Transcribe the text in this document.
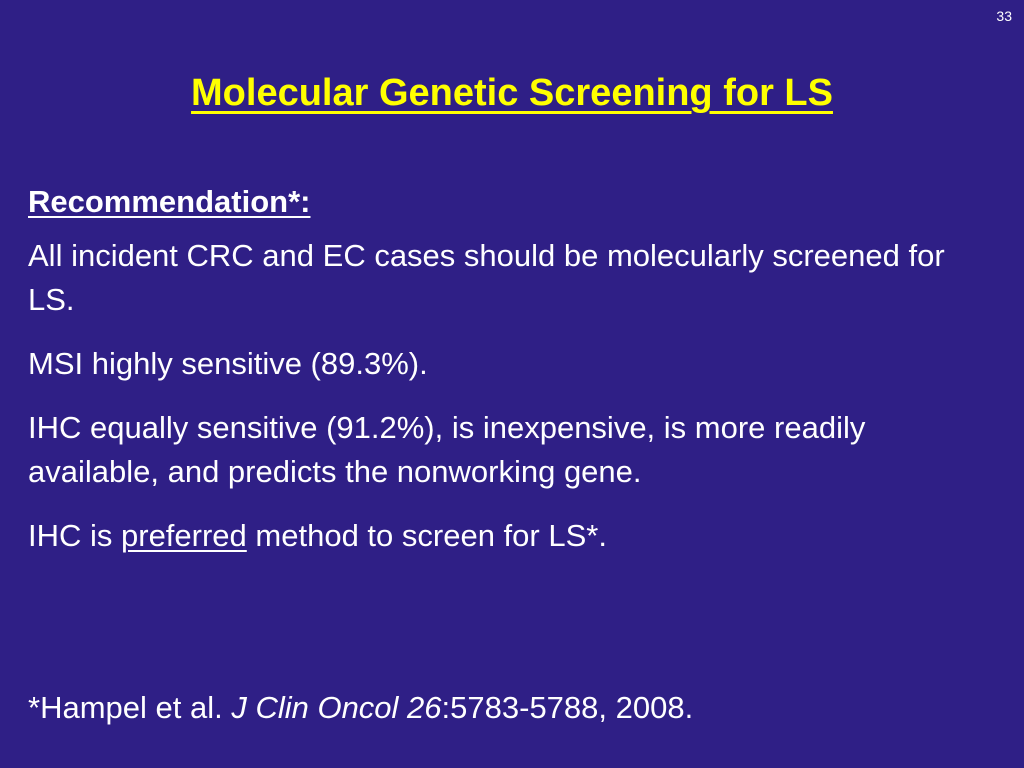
33
Molecular Genetic Screening for LS
Recommendation*:
All incident CRC and EC cases should be molecularly screened for LS.
MSI highly sensitive (89.3%).
IHC equally sensitive (91.2%), is inexpensive, is more readily available, and predicts the nonworking gene.
IHC is preferred method to screen for LS*.
*Hampel et al. J Clin Oncol 26:5783-5788, 2008.
